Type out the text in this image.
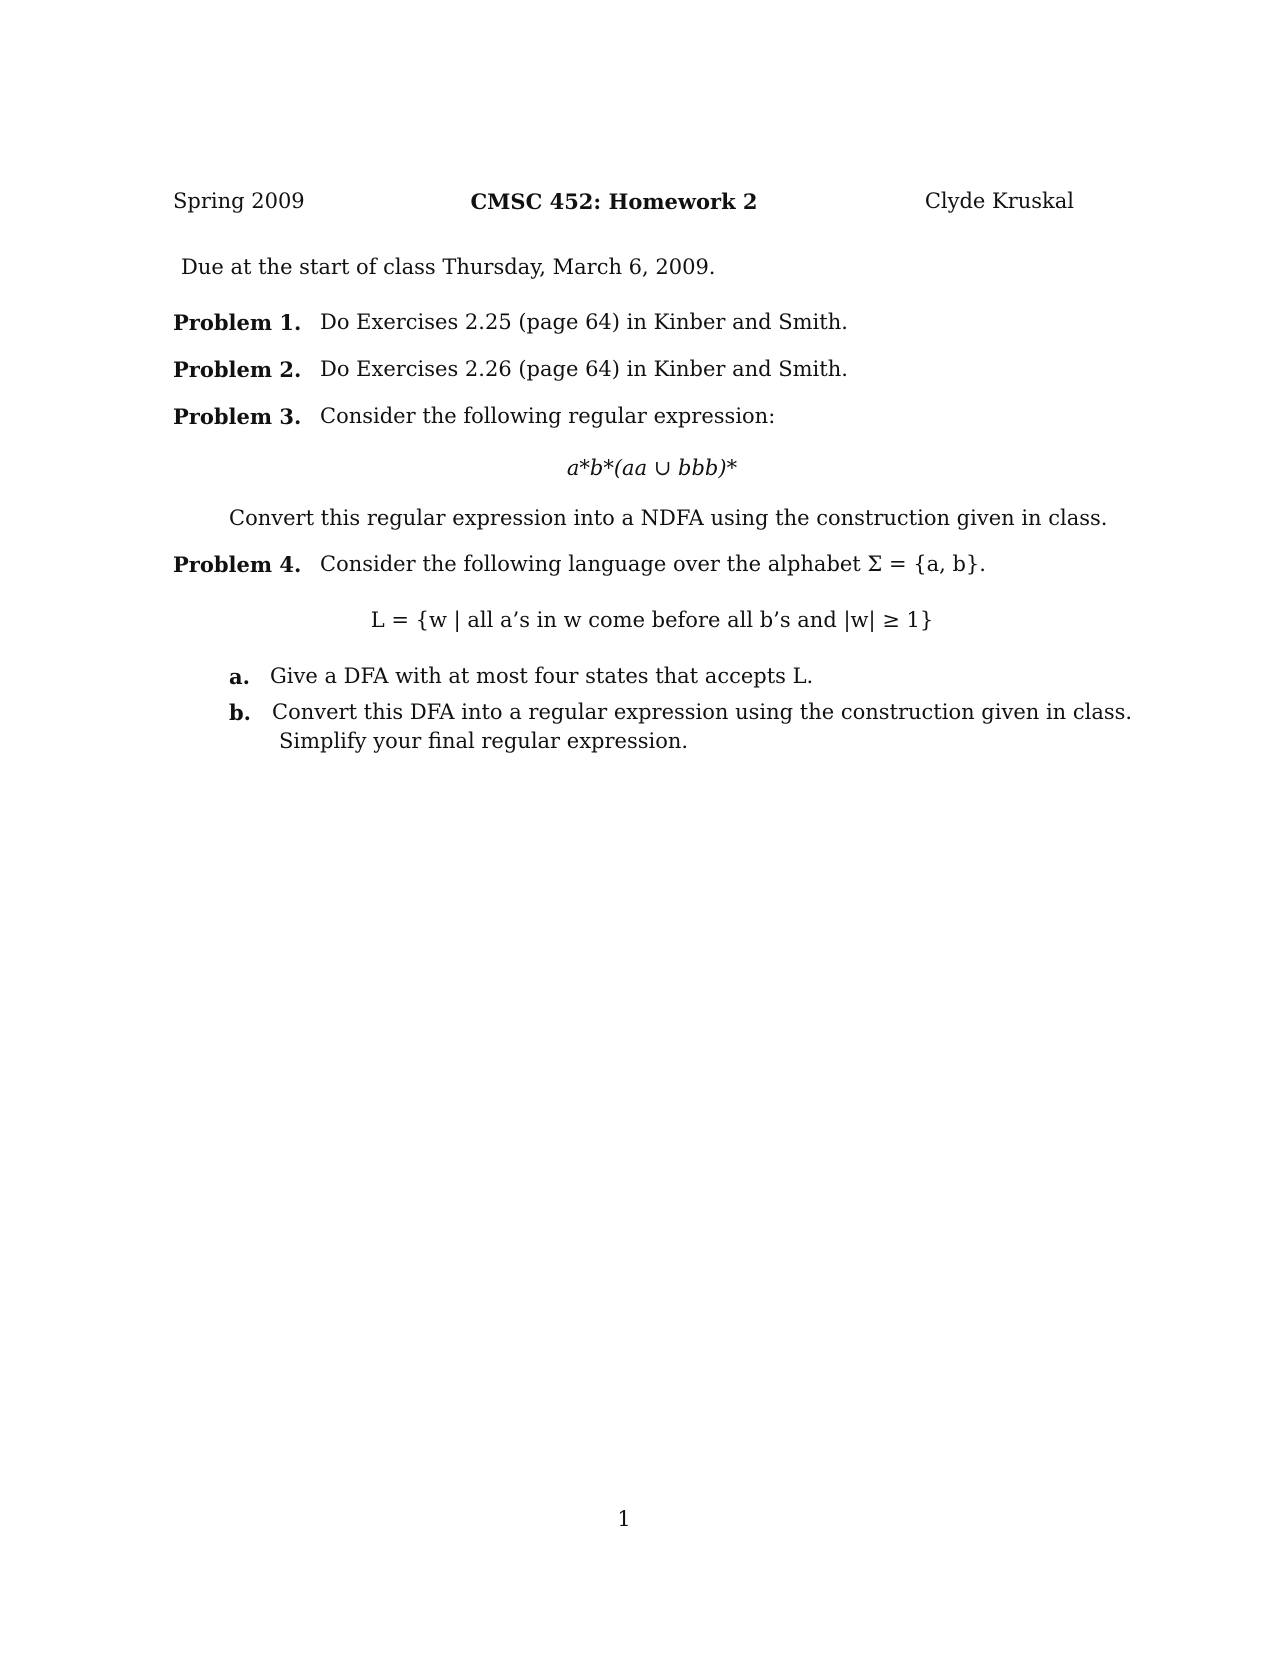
Spring 2009	CMSC 452: Homework 2	Clyde Kruskal
Due at the start of class Thursday, March 6, 2009.
Problem 1. Do Exercises 2.25 (page 64) in Kinber and Smith.
Problem 2. Do Exercises 2.26 (page 64) in Kinber and Smith.
Problem 3. Consider the following regular expression:
a*b*(aa ∪ bbb)*
Convert this regular expression into a NDFA using the construction given in class.
Problem 4. Consider the following language over the alphabet Σ = {a, b}.
L = {w | all a’s in w come before all b’s and |w| ≥ 1}
a. Give a DFA with at most four states that accepts L.
b. Convert this DFA into a regular expression using the construction given in class.
Simplify your final regular expression.
1
